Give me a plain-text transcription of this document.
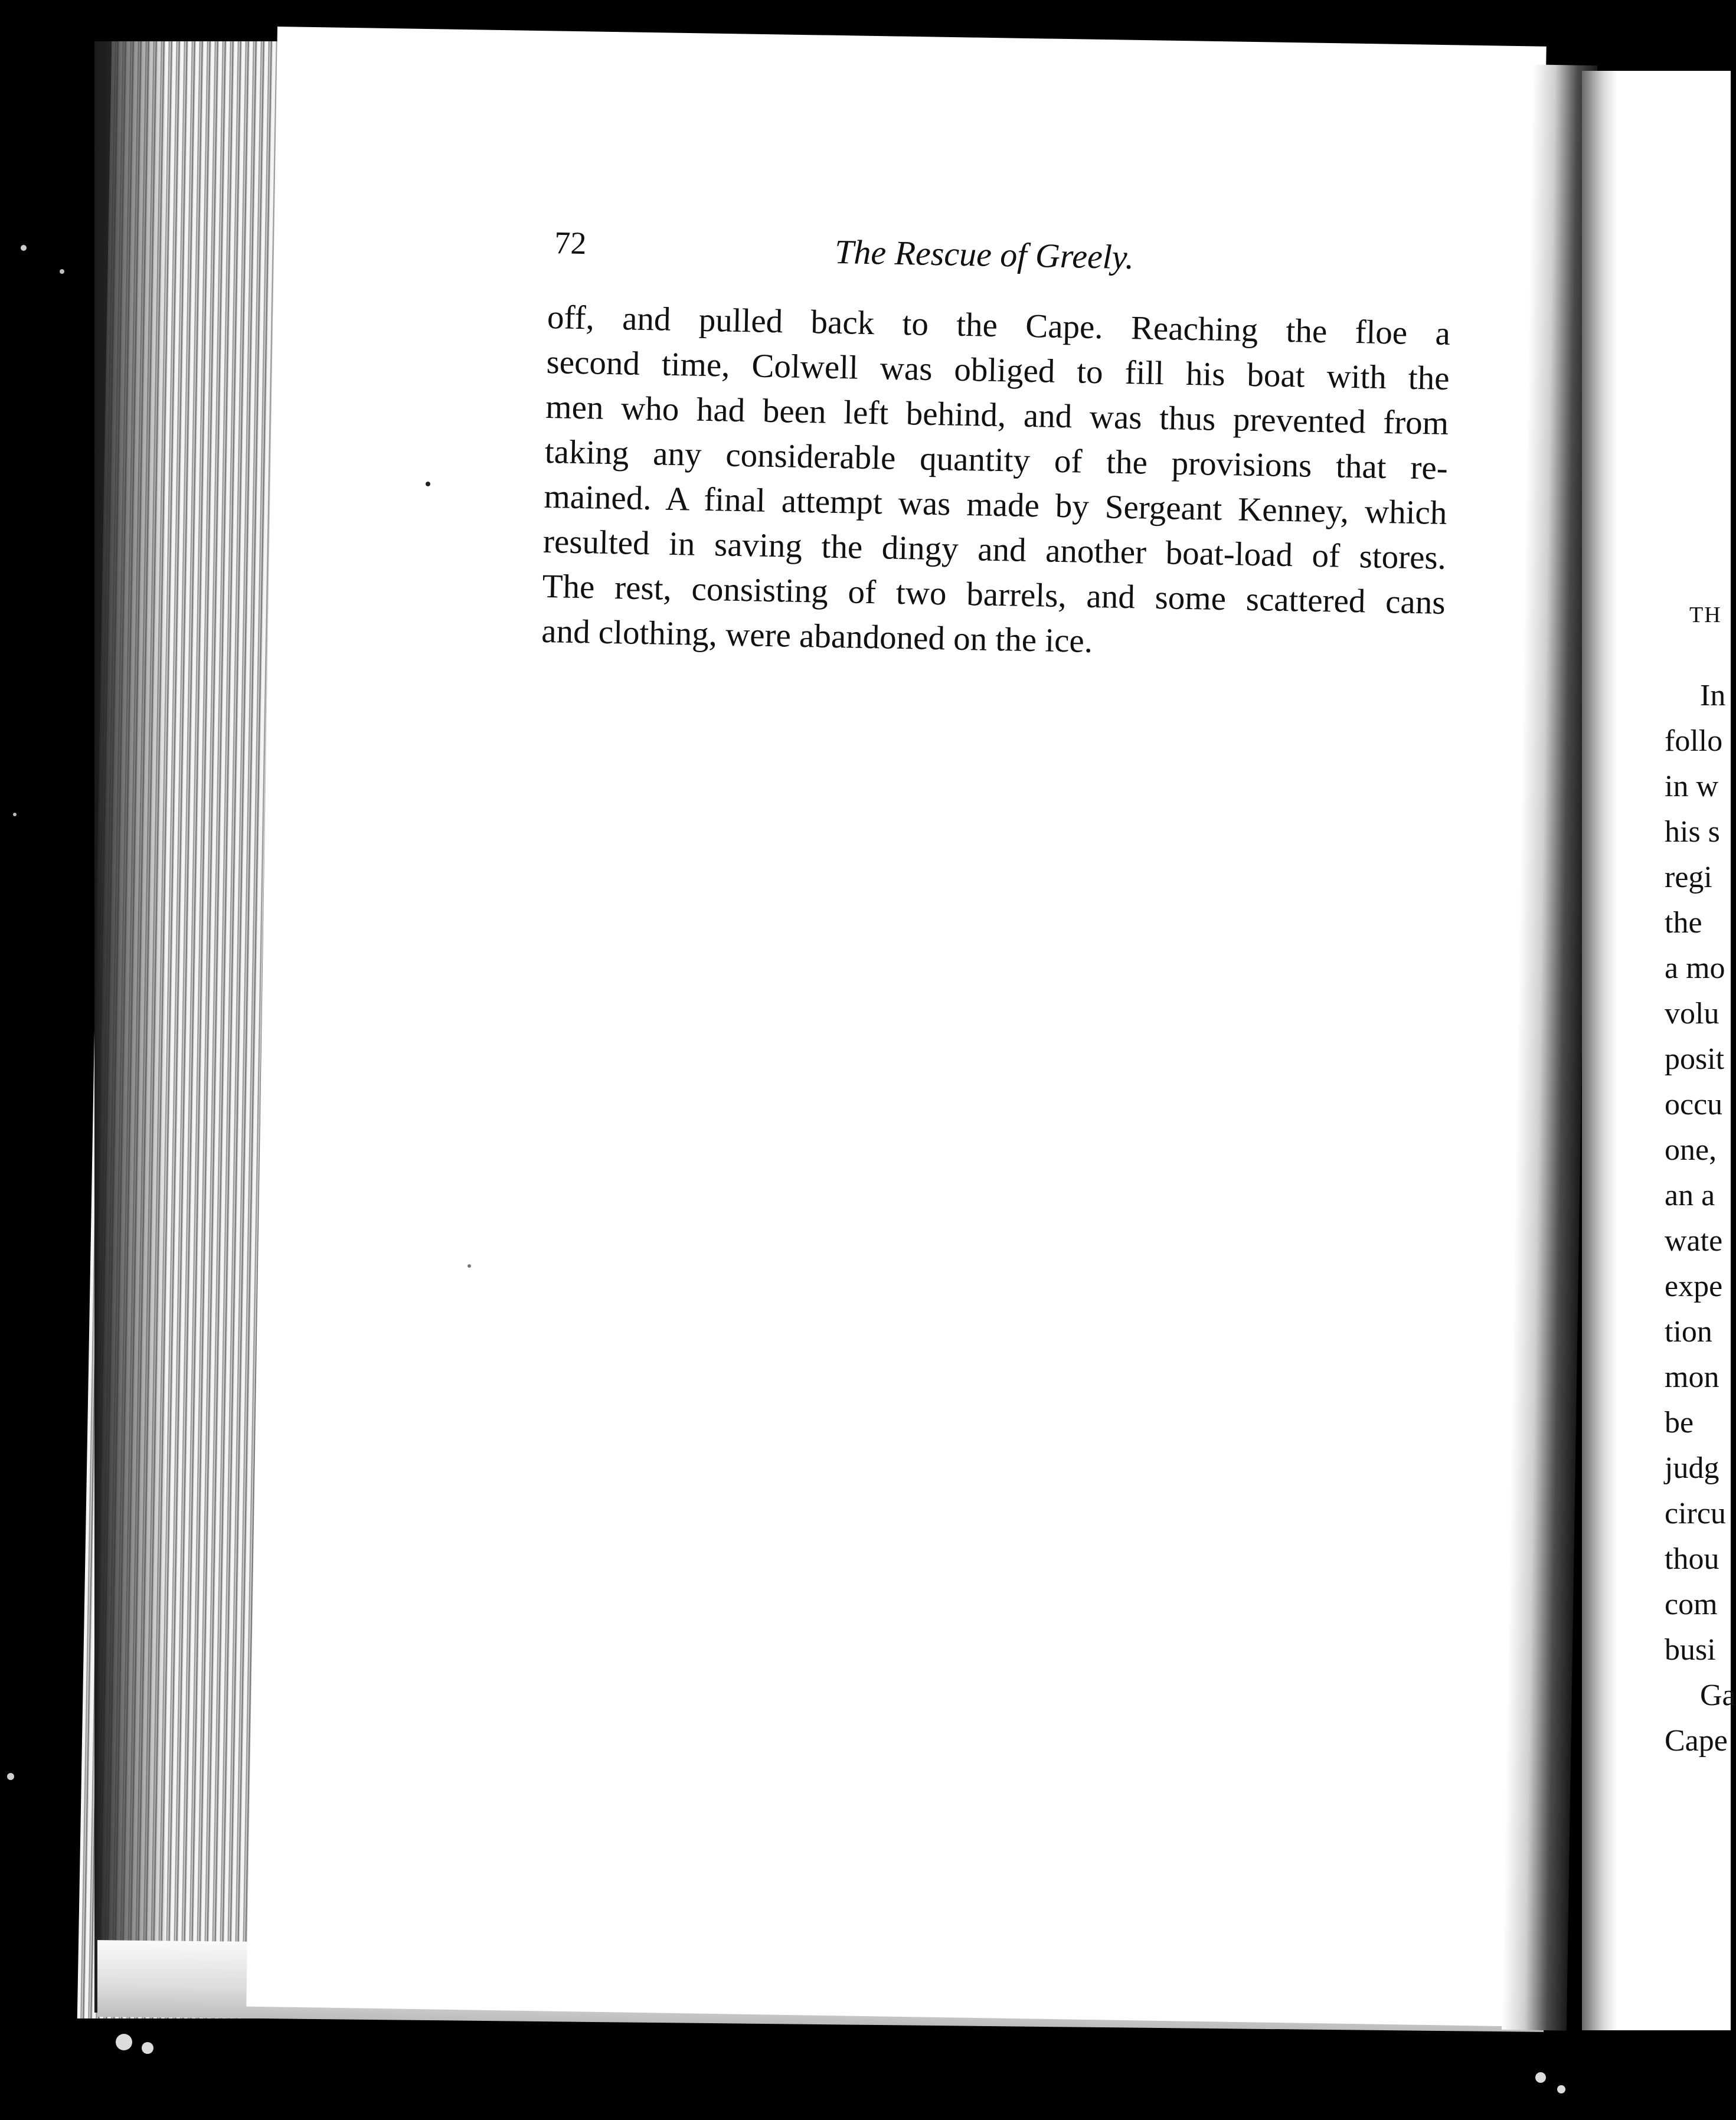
72	The Rescue of Greely.
off, and pulled back to the Cape. Reaching the floe a
second time, Colwell was obliged to fill his boat with the
men who had been left behind, and was thus prevented from
taking any considerable quantity of the provisions that re-
mained. A final attempt was made by Sergeant Kenney, which
resulted in saving the dingy and another boat-load of stores.
The rest, consisting of two barrels, and some scattered cans
and clothing, were abandoned on the ice.	TH
In
follo
in w
his s
regi
the
a mo
volu
posit
occu
one,
an a
wate
expe
tion
mon
be
judg
circu
thou
com
busi
Ga
Cape
